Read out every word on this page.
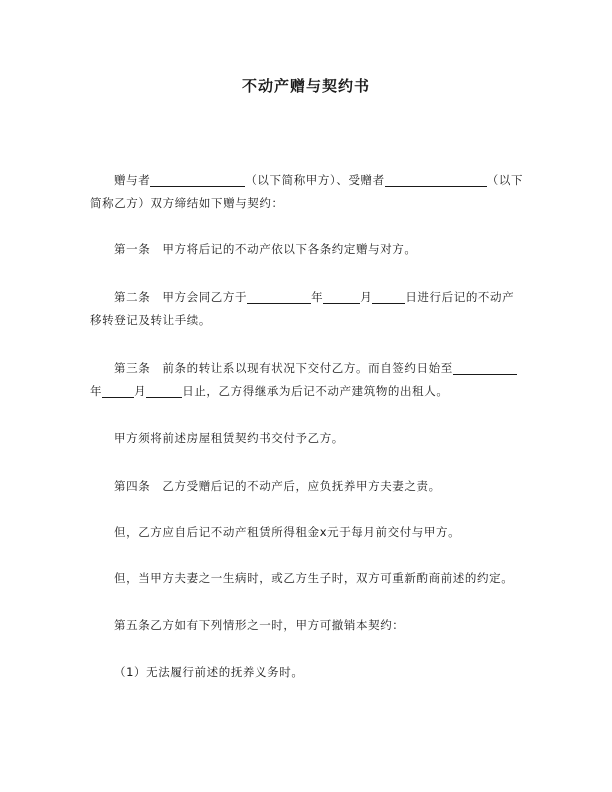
不动产赠与契约书
赠与者	（以下简称甲方）、受赠者	（以下
简称乙方）双方缔结如下赠与契约：
第一条　甲方将后记的不动产依以下各条约定赠与对方。
第二条　甲方会同乙方于	年	月	日进行后记的不动产
移转登记及转让手续。
第三条　前条的转让系以现有状况下交付乙方。而自签约日始至
年	月	日止，乙方得继承为后记不动产建筑物的出租人。
甲方须将前述房屋租赁契约书交付予乙方。
第四条　乙方受赠后记的不动产后，应负抚养甲方夫妻之责。
但，乙方应自后记不动产租赁所得租金x元于每月前交付与甲方。
但，当甲方夫妻之一生病时，或乙方生子时，双方可重新酌商前述的约定。
第五条乙方如有下列情形之一时，甲方可撤销本契约：
（1）无法履行前述的抚养义务时。
